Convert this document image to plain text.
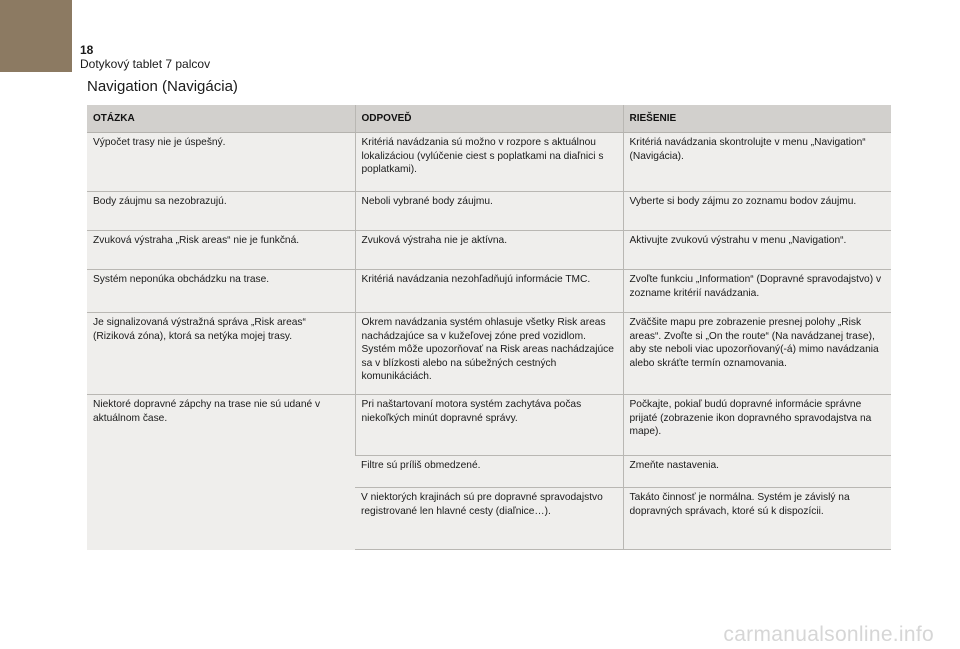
18
Dotykový tablet 7 palcov
Navigation (Navigácia)
OTÁZKA	ODPOVEĎ	RIEŠENIE
Výpočet trasy nie je úspešný.	Kritériá navádzania sú možno v rozpore s aktuálnou lokalizáciou (vylúčenie ciest s poplatkami na diaľnici s poplatkami).	Kritériá navádzania skontrolujte v menu „Navigation“ (Navigácia).
Body záujmu sa nezobrazujú.	Neboli vybrané body záujmu.	Vyberte si body zájmu zo zoznamu bodov záujmu.
Zvuková výstraha „Risk areas“ nie je funkčná.	Zvuková výstraha nie je aktívna.	Aktivujte zvukovú výstrahu v menu „Navigation“.
Systém neponúka obchádzku na trase.	Kritériá navádzania nezohľadňujú informácie TMC.	Zvoľte funkciu „Information“ (Dopravné spravodajstvo) v zozname kritérií navádzania.
Je signalizovaná výstražná správa „Risk areas“ (Riziková zóna), ktorá sa netýka mojej trasy.	Okrem navádzania systém ohlasuje všetky Risk areas nachádzajúce sa v kužeľovej zóne pred vozidlom. Systém môže upozorňovať na Risk areas nachádzajúce sa v blízkosti alebo na súbežných cestných komunikáciách.	Zväčšite mapu pre zobrazenie presnej polohy „Risk areas“. Zvoľte si „On the route“ (Na navádzanej trase), aby ste neboli viac upozorňovaný(-á) mimo navádzania alebo skráťte termín oznamovania.
Niektoré dopravné zápchy na trase nie sú udané v aktuálnom čase.	Pri naštartovaní motora systém zachytáva počas niekoľkých minút dopravné správy.	Počkajte, pokiaľ budú dopravné informácie správne prijaté (zobrazenie ikon dopravného spravodajstva na mape).
	Filtre sú príliš obmedzené.	Zmeňte nastavenia.
	V niektorých krajinách sú pre dopravné spravodajstvo registrované len hlavné cesty (diaľnice…).	Takáto činnosť je normálna. Systém je závislý na dopravných správach, ktoré sú k dispozícii.
carmanualsonline.info
